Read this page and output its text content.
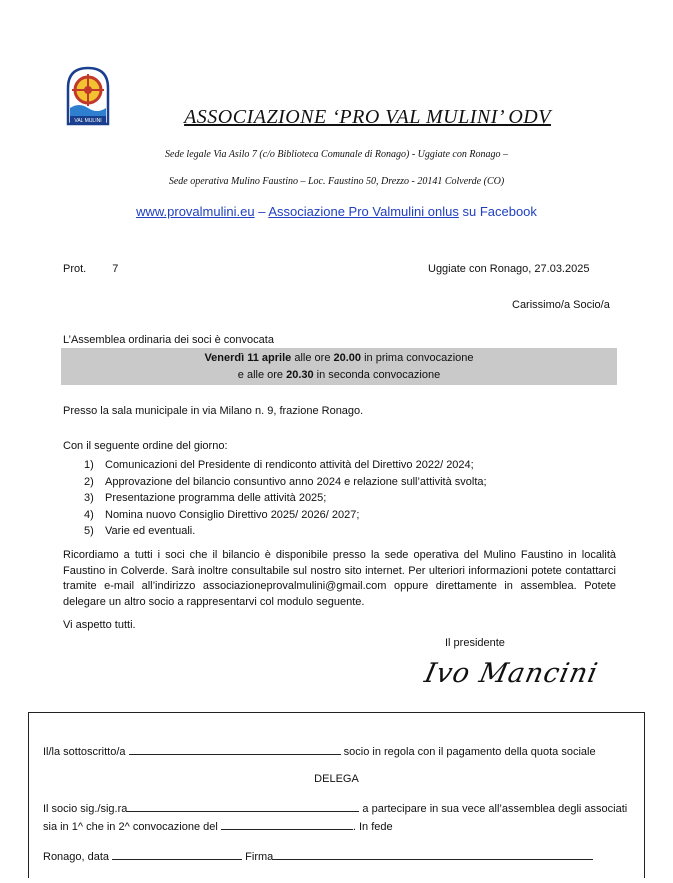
VAL MULINI	ASSOCIAZIONE ‘PRO VAL MULINI’ ODV
Sede legale Via Asilo 7 (c/o Biblioteca Comunale di Ronago) - Uggiate con Ronago –
Sede operativa Mulino Faustino – Loc. Faustino 50, Drezzo - 20141 Colverde (CO)
www.provalmulini.eu – Associazione Pro Valmulini onlus su Facebook
Prot. 7	Uggiate con Ronago, 27.03.2025
Carissimo/a Socio/a
L’Assemblea ordinaria dei soci è convocata
Venerdì 11 aprile alle ore 20.00 in prima convocazione
e alle ore 20.30 in seconda convocazione
Presso la sala municipale in via Milano n. 9, frazione Ronago.
Con il seguente ordine del giorno:
1) Comunicazioni del Presidente di rendiconto attività del Direttivo 2022/ 2024;
2) Approvazione del bilancio consuntivo anno 2024 e relazione sull’attività svolta;
3) Presentazione programma delle attività 2025;
4) Nomina nuovo Consiglio Direttivo 2025/ 2026/ 2027;
5) Varie ed eventuali.
Ricordiamo a tutti i soci che il bilancio è disponibile presso la sede operativa del Mulino Faustino in località Faustino in Colverde. Sarà inoltre consultabile sul nostro sito internet. Per ulteriori informazioni potete contattarci tramite e-mail all’indirizzo associazioneprovalmulini@gmail.com oppure direttamente in assemblea. Potete delegare un altro socio a rappresentarvi col modulo seguente.
Vi aspetto tutti.
Il presidente
Ivo Mancini
Il/la sottoscritto/a	socio in regola con il pagamento della quota sociale
DELEGA
Il socio sig./sig.ra	a partecipare in sua vece all’assemblea degli associati
sia in 1^ che in 2^ convocazione del	. In fede
Ronago, data	Firma
